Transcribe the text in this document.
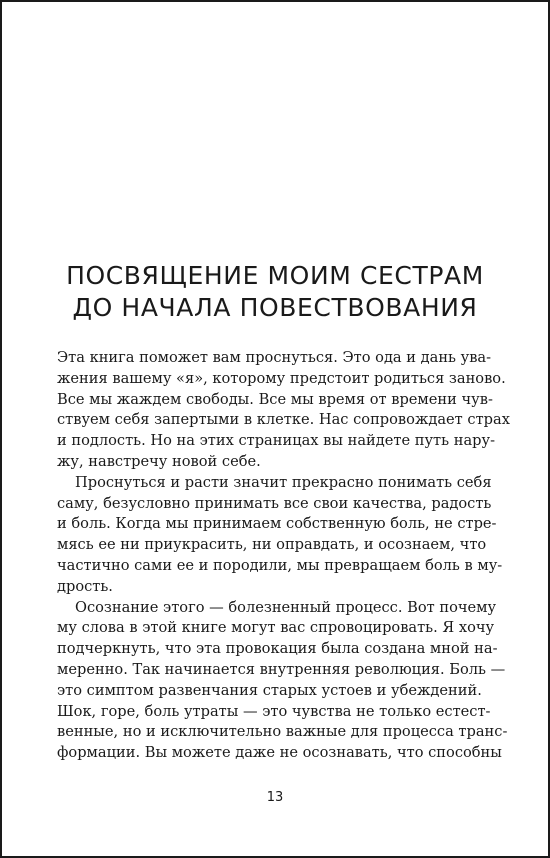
ПОСВЯЩЕНИЕ МОИМ СЕСТРАМ
ДО НАЧАЛА ПОВЕСТВОВАНИЯ

Эта книга поможет вам проснуться. Это ода и дань ува-
жения вашему «я», которому предстоит родиться заново.
Все мы жаждем свободы. Все мы время от времени чув-
ствуем себя запертыми в клетке. Нас сопровождает страх
и подлость. Но на этих страницах вы найдете путь нару-
жу, навстречу новой себе.

Проснуться и расти значит прекрасно понимать себя
саму, безусловно принимать все свои качества, радость
и боль. Когда мы принимаем собственную боль, не стре-
мясь ее ни приукрасить, ни оправдать, и осознаем, что
частично сами ее и породили, мы превращаем боль в му-
дрость.

Осознание этого — болезненный процесс. Вот почему
му слова в этой книге могут вас спровоцировать. Я хочу
подчеркнуть, что эта провокация была создана мной на-
меренно. Так начинается внутренняя революция. Боль —
это симптом развенчания старых устоев и убеждений.
Шок, горе, боль утраты — это чувства не только естест-
венные, но и исключительно важные для процесса транс-
формации. Вы можете даже не осознавать, что способны

13
